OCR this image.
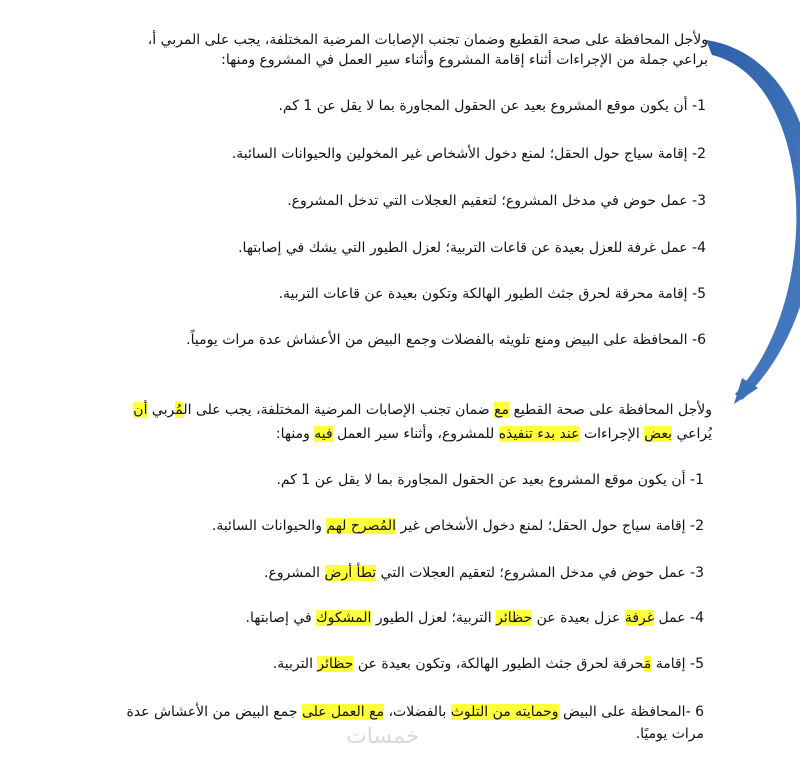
ولأجل المحافظة على صحة القطيع وضمان تجنب الإصابات المرضية المختلفة، يجب على المربي أ،
براعي جملة من الإجراءات أثناء إقامة المشروع وأثناء سير العمل في المشروع ومنها:
1- أن يكون موقع المشروع بعيد عن الحقول المجاورة بما لا يقل عن 1 كم.
2- إقامة سياج حول الحقل؛ لمنع دخول الأشخاص غير المخولين والحيوانات السائبة.
3- عمل حوض في مدخل المشروع؛ لتعقيم العجلات التي تدخل المشروع.
4- عمل غرفة للعزل بعيدة عن قاعات التربية؛ لعزل الطيور التي يشك في إصابتها.
5- إقامة محرقة لحرق جثث الطيور الهالكة وتكون بعيدة عن قاعات التربية.
6- المحافظة على البيض ومنع تلويثه بالفضلات وجمع البيض من الأعشاش عدة مرات يومياً.
ولأجل المحافظة على صحة القطيع مع ضمان تجنب الإصابات المرضية المختلفة، يجب على المُربي أن
يُراعي بعض الإجراءات عند بدء تنفيذه للمشروع، وأثناء سير العمل فيه ومنها:
1- أن يكون موقع المشروع بعيد عن الحقول المجاورة بما لا يقل عن 1 كم.
2- إقامة سياج حول الحقل؛ لمنع دخول الأشخاص غير المُصرح لهم والحيوانات السائبة.
3- عمل حوض في مدخل المشروع؛ لتعقيم العجلات التي تطأ أرض المشروع.
4- عمل غرفة عزل بعيدة عن حظائر التربية؛ لعزل الطيور المشكوك في إصابتها.
5- إقامة مَحرقة لحرق جثث الطيور الهالكة، وتكون بعيدة عن حظائر التربية.
6 -المحافظة على البيض وحمايته من التلوث بالفضلات، مع العمل على جمع البيض من الأعشاش عدة
مرات يوميًا.
خمسات
